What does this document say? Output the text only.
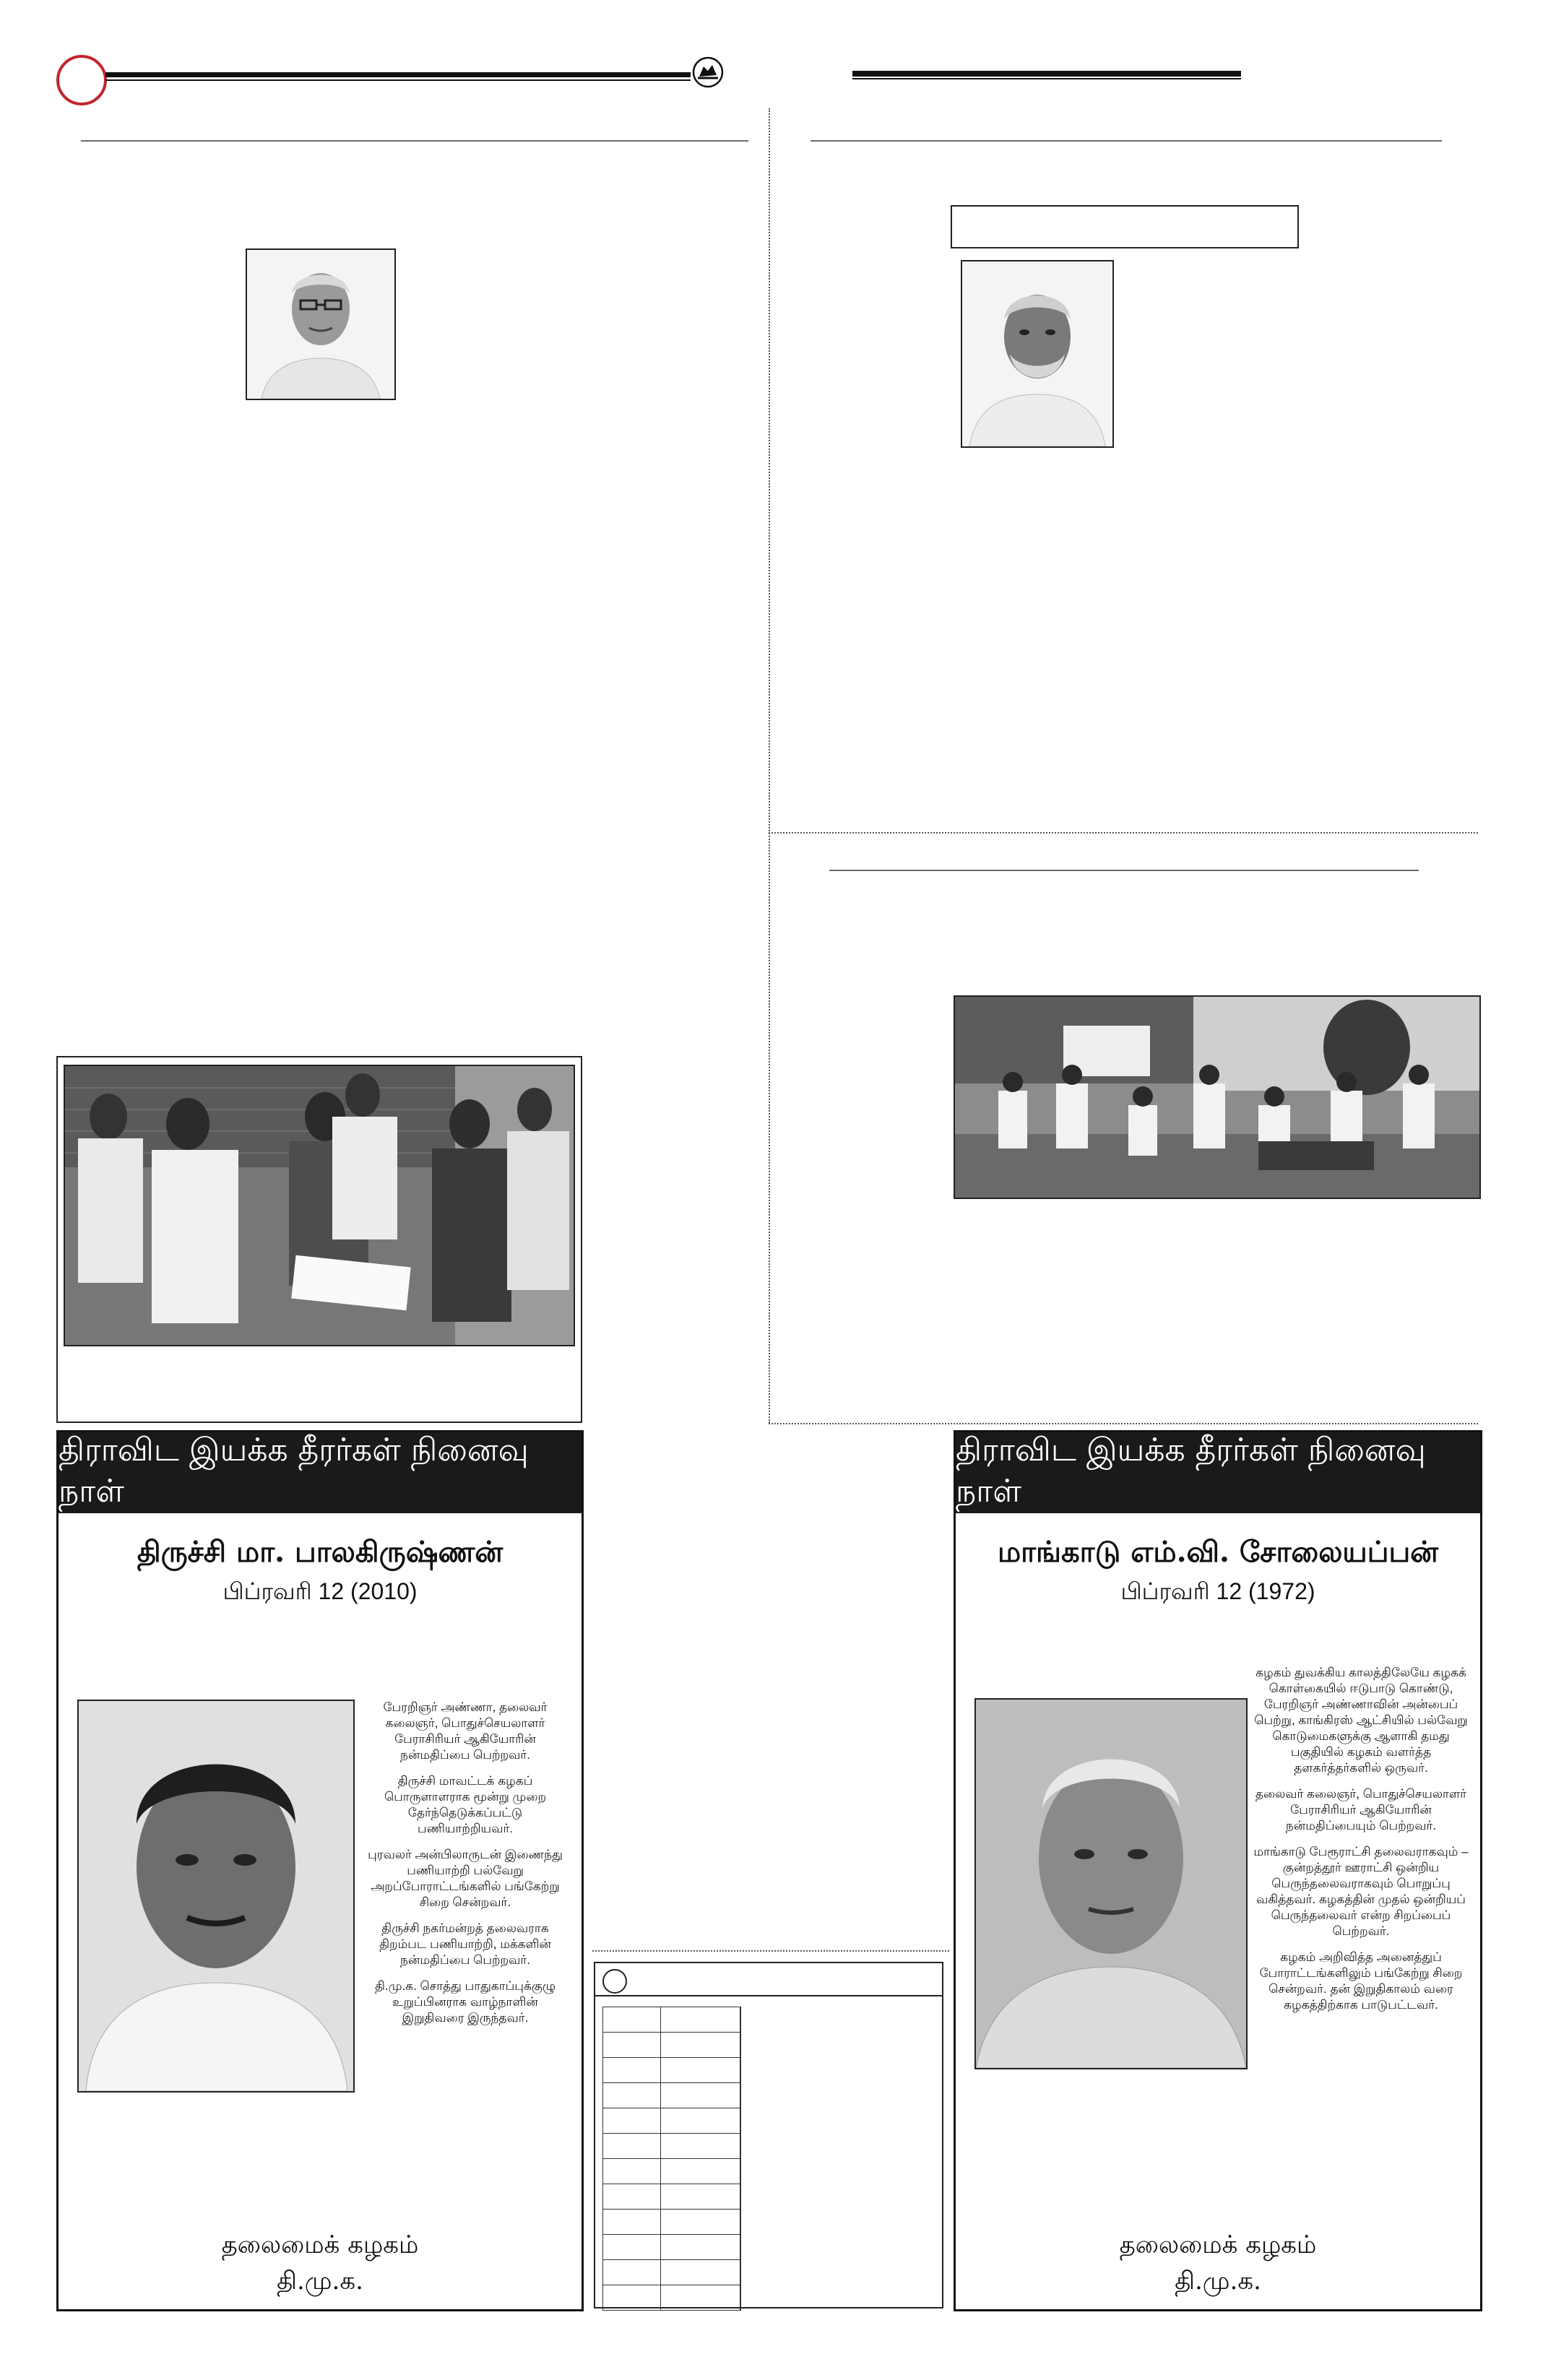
திராவிட இயக்க தீரர்கள் நினைவு நாள்
திருச்சி மா. பாலகிருஷ்ணன்
பிப்ரவரி 12 (2010)

பேரறிஞர் அண்ணா, தலைவர் கலைஞர், பொதுச்செயலாளர் பேராசிரியர் ஆகியோரின் நன்மதிப்பை பெற்றவர்.

திருச்சி மாவட்டக் கழகப் பொருளாளராக மூன்று முறை தேர்ந்தெடுக்கப்பட்டு பணியாற்றியவர்.

புரவலர் அன்பிலாருடன் இணைந்து பணியாற்றி பல்வேறு அறப்போராட்டங்களில் பங்கேற்று சிறை சென்றவர்.

திருச்சி நகர்மன்றத் தலைவராக திறம்பட பணியாற்றி, மக்களின் நன்மதிப்பை பெற்றவர்.

தி.மு.க. சொத்து பாதுகாப்புக்குழு உறுப்பினராக வாழ்நாளின் இறுதிவரை இருந்தவர்.

தலைமைக் கழகம்
தி.மு.க.

திராவிட இயக்க தீரர்கள் நினைவு நாள்
மாங்காடு எம்.வி. சோலையப்பன்
பிப்ரவரி 12 (1972)

கழகம் துவக்கிய காலத்திலேயே கழகக் கொள்கையில் ஈடுபாடு கொண்டு, பேரறிஞர் அண்ணாவின் அன்பைப் பெற்று, காங்கிரஸ் ஆட்சியில் பல்வேறு கொடுமைகளுக்கு ஆளாகி தமது பகுதியில் கழகம் வளர்த்த தளகர்த்தர்களில் ஒருவர்.

தலைவர் கலைஞர், பொதுச்செயலாளர் பேராசிரியர் ஆகியோரின் நன்மதிப்பையும் பெற்றவர்.

மாங்காடு பேரூராட்சி தலைவராகவும் – குன்றத்தூர் ஊராட்சி ஒன்றிய பெருந்தலைவராகவும் பொறுப்பு வகித்தவர். கழகத்தின் முதல் ஒன்றியப் பெருந்தலைவர் என்ற சிறப்பைப் பெற்றவர்.

கழகம் அறிவித்த அனைத்துப் போராட்டங்களிலும் பங்கேற்று சிறை சென்றவர். தன் இறுதிகாலம் வரை கழகத்திற்காக பாடுபட்டவர்.

தலைமைக் கழகம்
தி.மு.க.
